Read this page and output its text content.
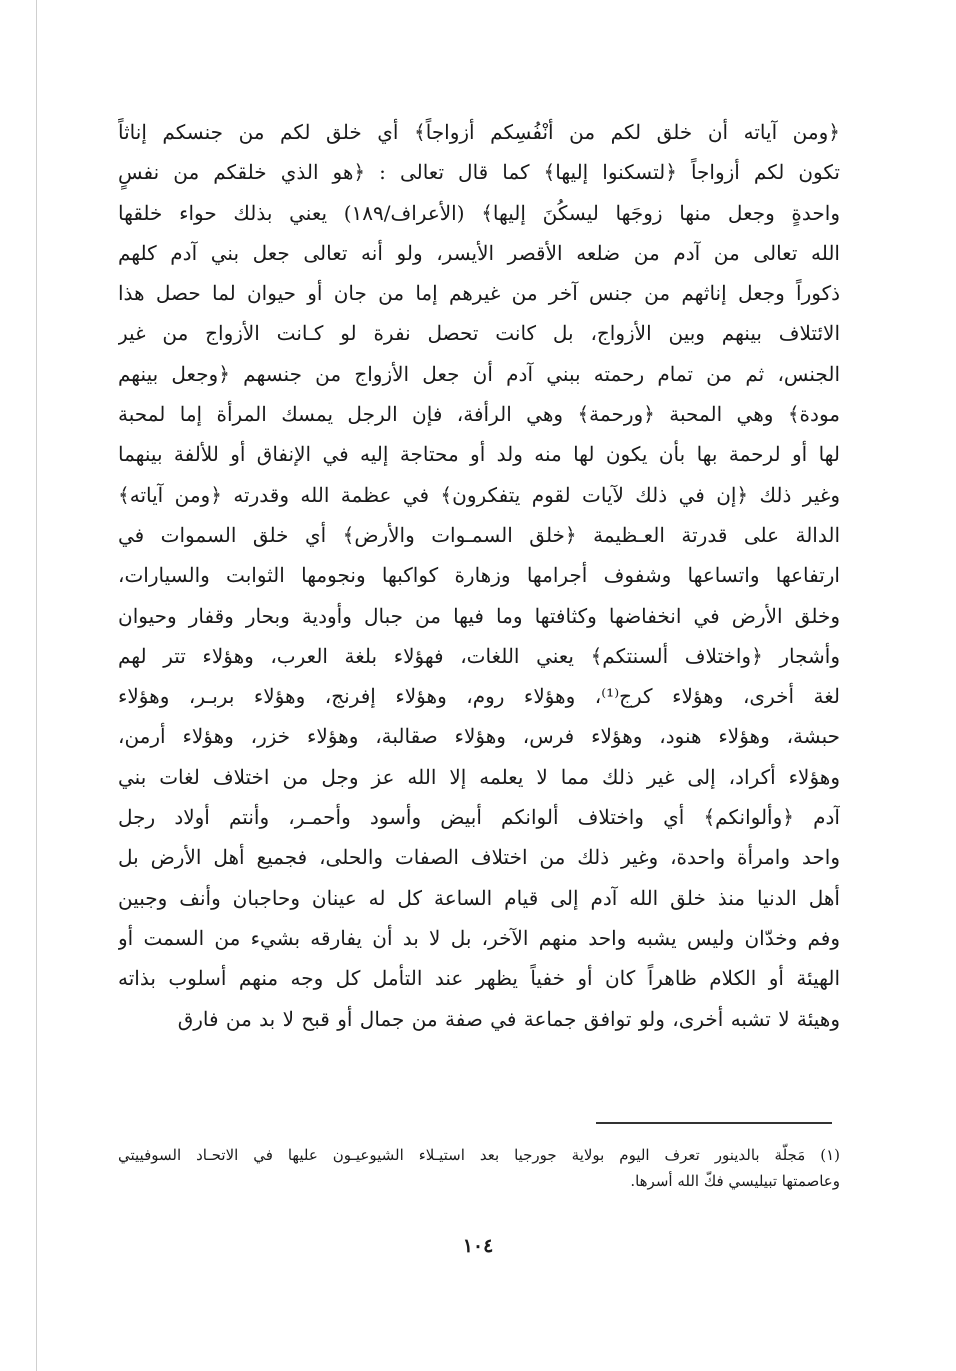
﴿ومن آياته أن خلق لكم من أنْفُسِكم أزواجاً﴾ أي خلق لكم من جنسكم إناثاً
تكون لكم أزواجاً ﴿لتسكنوا إليها﴾ كما قال تعالى : ﴿هو الذي خلقكم من نفسٍ
واحدةٍ وجعل منها زوجَها ليسكُنَ إليها﴾ (الأعراف/١٨٩) يعني بذلك حواء خلقها
الله تعالى من آدم من ضلعه الأقصر الأيسر، ولو أنه تعالى جعل بني آدم كلهم
ذكوراً وجعل إناثهم من جنس آخر من غيرهم إما من جان أو حيوان لما حصل هذا
الائتلاف بينهم وبين الأزواج، بل كانت تحصل نفرة لو كـانت الأزواج من غير
الجنس، ثم من تمام رحمته ببني آدم أن جعل الأزواج من جنسهم ﴿وجعل بينهم
مودة﴾ وهي المحبة ﴿ورحمة﴾ وهي الرأفة، فإن الرجل يمسك المرأة إما لمحبة
لها أو لرحمة بها بأن يكون لها منه ولد أو محتاجة إليه في الإنفاق أو للألفة بينهما
وغير ذلك ﴿إن في ذلك لآيات لقوم يتفكرون﴾ في عظمة الله وقدرته ﴿ومن آياته﴾
الدالة على قدرتة العـظيمة ﴿خلق السمـوات والأرض﴾ أي خلق السموات في
ارتفاعها واتساعها وشفوف أجرامها وزهارة كواكبها ونجومها الثوابت والسيارات،
وخلق الأرض في انخفاضها وكثافتها وما فيها من جبال وأودية وبحار وقفار وحيوان
وأشجار ﴿واختلاف ألسنتكم﴾ يعني اللغات، فهؤلاء بلغة العرب، وهؤلاء تتر لهم
لغة أخرى، وهؤلاء كرج⁽¹⁾، وهؤلاء روم، وهؤلاء إفرنج، وهؤلاء بربـر، وهؤلاء
حبشة، وهؤلاء هنود، وهؤلاء فرس، وهؤلاء صقالبة، وهؤلاء خزر، وهؤلاء أرمن،
وهؤلاء أكراد، إلى غير ذلك مما لا يعلمه إلا الله عز وجل من اختلاف لغات بني
آدم ﴿وألوانكم﴾ أي واختلاف ألوانكم أبيض وأسود وأحمـر، وأنتم أولاد رجل
واحد وامرأة واحدة، وغير ذلك من اختلاف الصفات والحلى، فجميع أهل الأرض بل
أهل الدنيا منذ خلق الله آدم إلى قيام الساعة كل له عينان وحاجبان وأنف وجبين
وفم وخدّان وليس يشبه واحد منهم الآخر، بل لا بد أن يفارقه بشيء من السمت أو
الهيئة أو الكلام ظاهراً كان أو خفياً يظهر عند التأمل كل وجه منهم أسلوب بذاته
وهيئة لا تشبه أخرى، ولو توافق جماعة في صفة من جمال أو قبح لا بد من فارق

(١) مَجلّة بالدينور تعرف اليوم بولاية جورجيا بعد استيـلاء الشيوعيـون عليها في الاتحـاد السوفييتي
وعاصمتها تبيليسي فكّ الله أسرها.

١٠٤
